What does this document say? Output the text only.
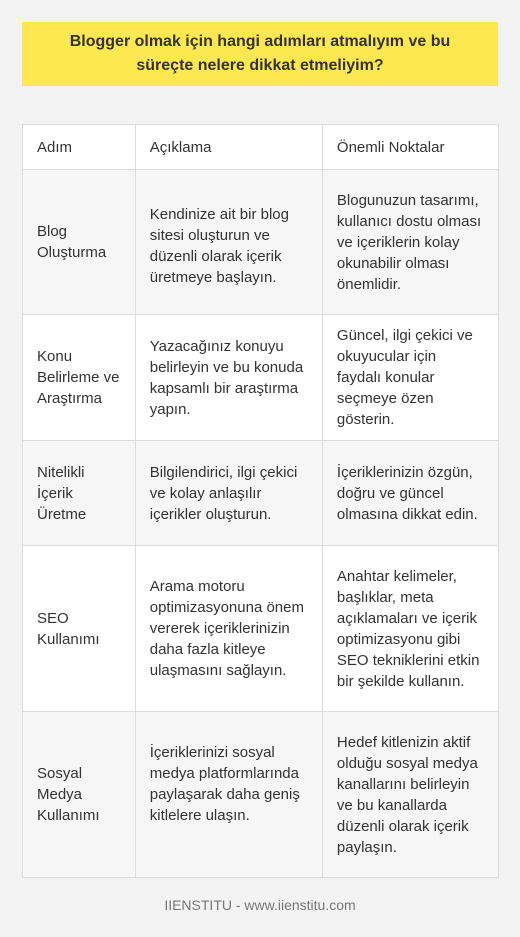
Blogger olmak için hangi adımları atmalıyım ve bu süreçte nelere dikkat etmeliyim?
Adım	Açıklama	Önemli Noktalar
Blog Oluşturma	Kendinize ait bir blog sitesi oluşturun ve düzenli olarak içerik üretmeye başlayın.	Blogunuzun tasarımı, kullanıcı dostu olması ve içeriklerin kolay okunabilir olması önemlidir.
Konu Belirleme ve Araştırma	Yazacağınız konuyu belirleyin ve bu konuda kapsamlı bir araştırma yapın.	Güncel, ilgi çekici ve okuyucular için faydalı konular seçmeye özen gösterin.
Nitelikli İçerik Üretme	Bilgilendirici, ilgi çekici ve kolay anlaşılır içerikler oluşturun.	İçeriklerinizin özgün, doğru ve güncel olmasına dikkat edin.
SEO Kullanımı	Arama motoru optimizasyonuna önem vererek içeriklerinizin daha fazla kitleye ulaşmasını sağlayın.	Anahtar kelimeler, başlıklar, meta açıklamaları ve içerik optimizasyonu gibi SEO tekniklerini etkin bir şekilde kullanın.
Sosyal Medya Kullanımı	İçeriklerinizi sosyal medya platformlarında paylaşarak daha geniş kitlelere ulaşın.	Hedef kitlenizin aktif olduğu sosyal medya kanallarını belirleyin ve bu kanallarda düzenli olarak içerik paylaşın.
IIENSTITU - www.iienstitu.com
